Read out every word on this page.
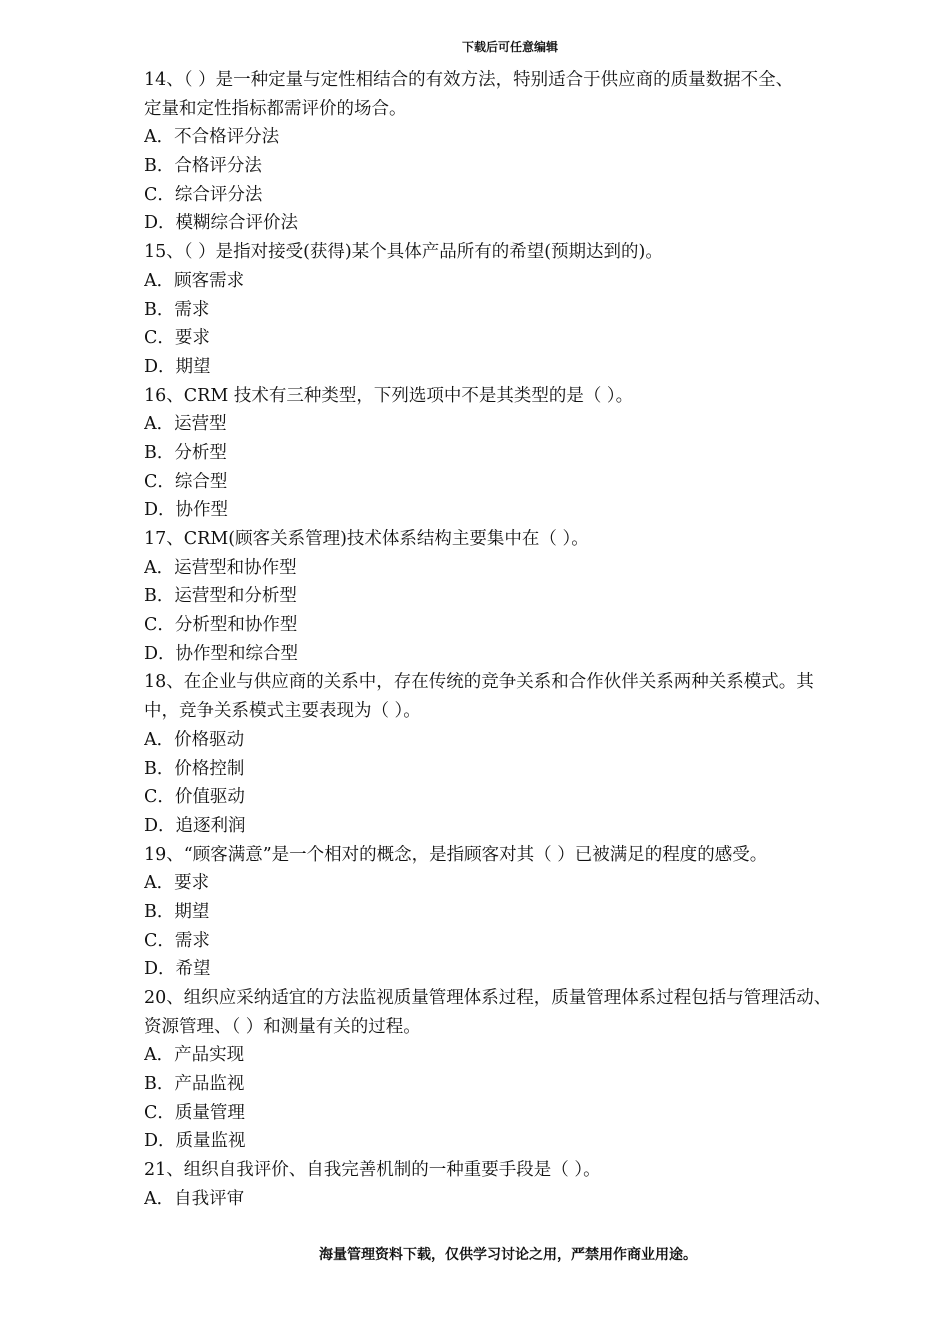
下载后可任意编辑
14、（ ）是一种定量与定性相结合的有效方法，特别适合于供应商的质量数据不全、
定量和定性指标都需评价的场合。
A．不合格评分法
B．合格评分法
C．综合评分法
D．模糊综合评价法
15、（ ）是指对接受(获得)某个具体产品所有的希望(预期达到的)。
A．顾客需求
B．需求
C．要求
D．期望
16、CRM 技术有三种类型，下列选项中不是其类型的是（ ）。
A．运营型
B．分析型
C．综合型
D．协作型
17、CRM(顾客关系管理)技术体系结构主要集中在（ ）。
A．运营型和协作型
B．运营型和分析型
C．分析型和协作型
D．协作型和综合型
18、在企业与供应商的关系中，存在传统的竞争关系和合作伙伴关系两种关系模式。其
中，竞争关系模式主要表现为（ ）。
A．价格驱动
B．价格控制
C．价值驱动
D．追逐利润
19、“顾客满意”是一个相对的概念，是指顾客对其（ ）已被满足的程度的感受。
A．要求
B．期望
C．需求
D．希望
20、组织应采纳适宜的方法监视质量管理体系过程，质量管理体系过程包括与管理活动、
资源管理、（ ）和测量有关的过程。
A．产品实现
B．产品监视
C．质量管理
D．质量监视
21、组织自我评价、自我完善机制的一种重要手段是（ ）。
A．自我评审
海量管理资料下载，仅供学习讨论之用，严禁用作商业用途。
